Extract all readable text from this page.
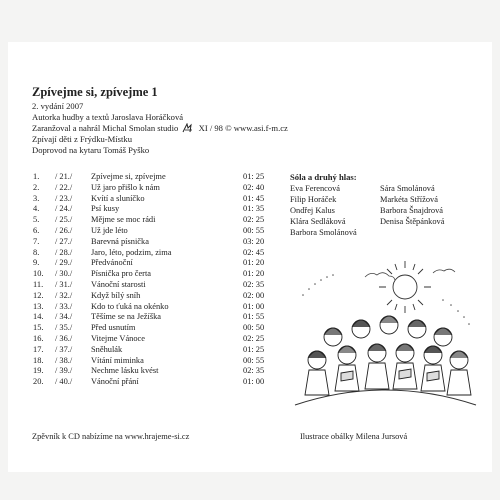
Zpívejme si, zpívejme 1
2. vydání 2007
Autorka hudby a textů Jaroslava Horáčková
Zaranžoval a nahrál Michal Smolan studio XI / 98 © www.asi.f-m.cz
Zpívají děti z Frýdku-Místku
Doprovod na kytaru Tomáš Pyško
1.	/ 21./	Zpívejme si, zpívejme	01: 25
2.	/ 22./	Už jaro přišlo k nám	02: 40
3.	/ 23./	Kvítí a sluníčko	01: 45
4.	/ 24./	Psí kusy	01: 35
5.	/ 25./	Mějme se moc rádi	02: 25
6.	/ 26./	Už jde léto	00: 55
7.	/ 27./	Barevná písnička	03: 20
8.	/ 28./	Jaro, léto, podzim, zima	02: 45
9.	/ 29./	Předvánoční	01: 20
10.	/ 30./	Písnička pro čerta	01: 20
11.	/ 31./	Vánoční starosti	02: 35
12.	/ 32./	Když bílý sníh	02: 00
13.	/ 33./	Kdo to ťuká na okénko	01: 00
14.	/ 34./	Těšíme se na Ježíška	01: 55
15.	/ 35./	Před usnutím	00: 50
16.	/ 36./	Vitejme Vánoce	02: 25
17.	/ 37./	Sněhulák	01: 25
18.	/ 38./	Vítání miminka	00: 55
19.	/ 39./	Nechme lásku kvést	02: 35
20.	/ 40./	Vánoční přání	01: 00
Sóla a druhý hlas:
Eva Ferencová
Filip Horáček
Ondřej Kalus
Klára Sedláková
Barbora Smolánová
Sára Smolánová
Markéta Střížová
Barbora Šnajdrová
Denisa Štěpánková
Zpěvník k CD nabízíme na www.hrajeme-si.cz	Ilustrace obálky Milena Jursová
